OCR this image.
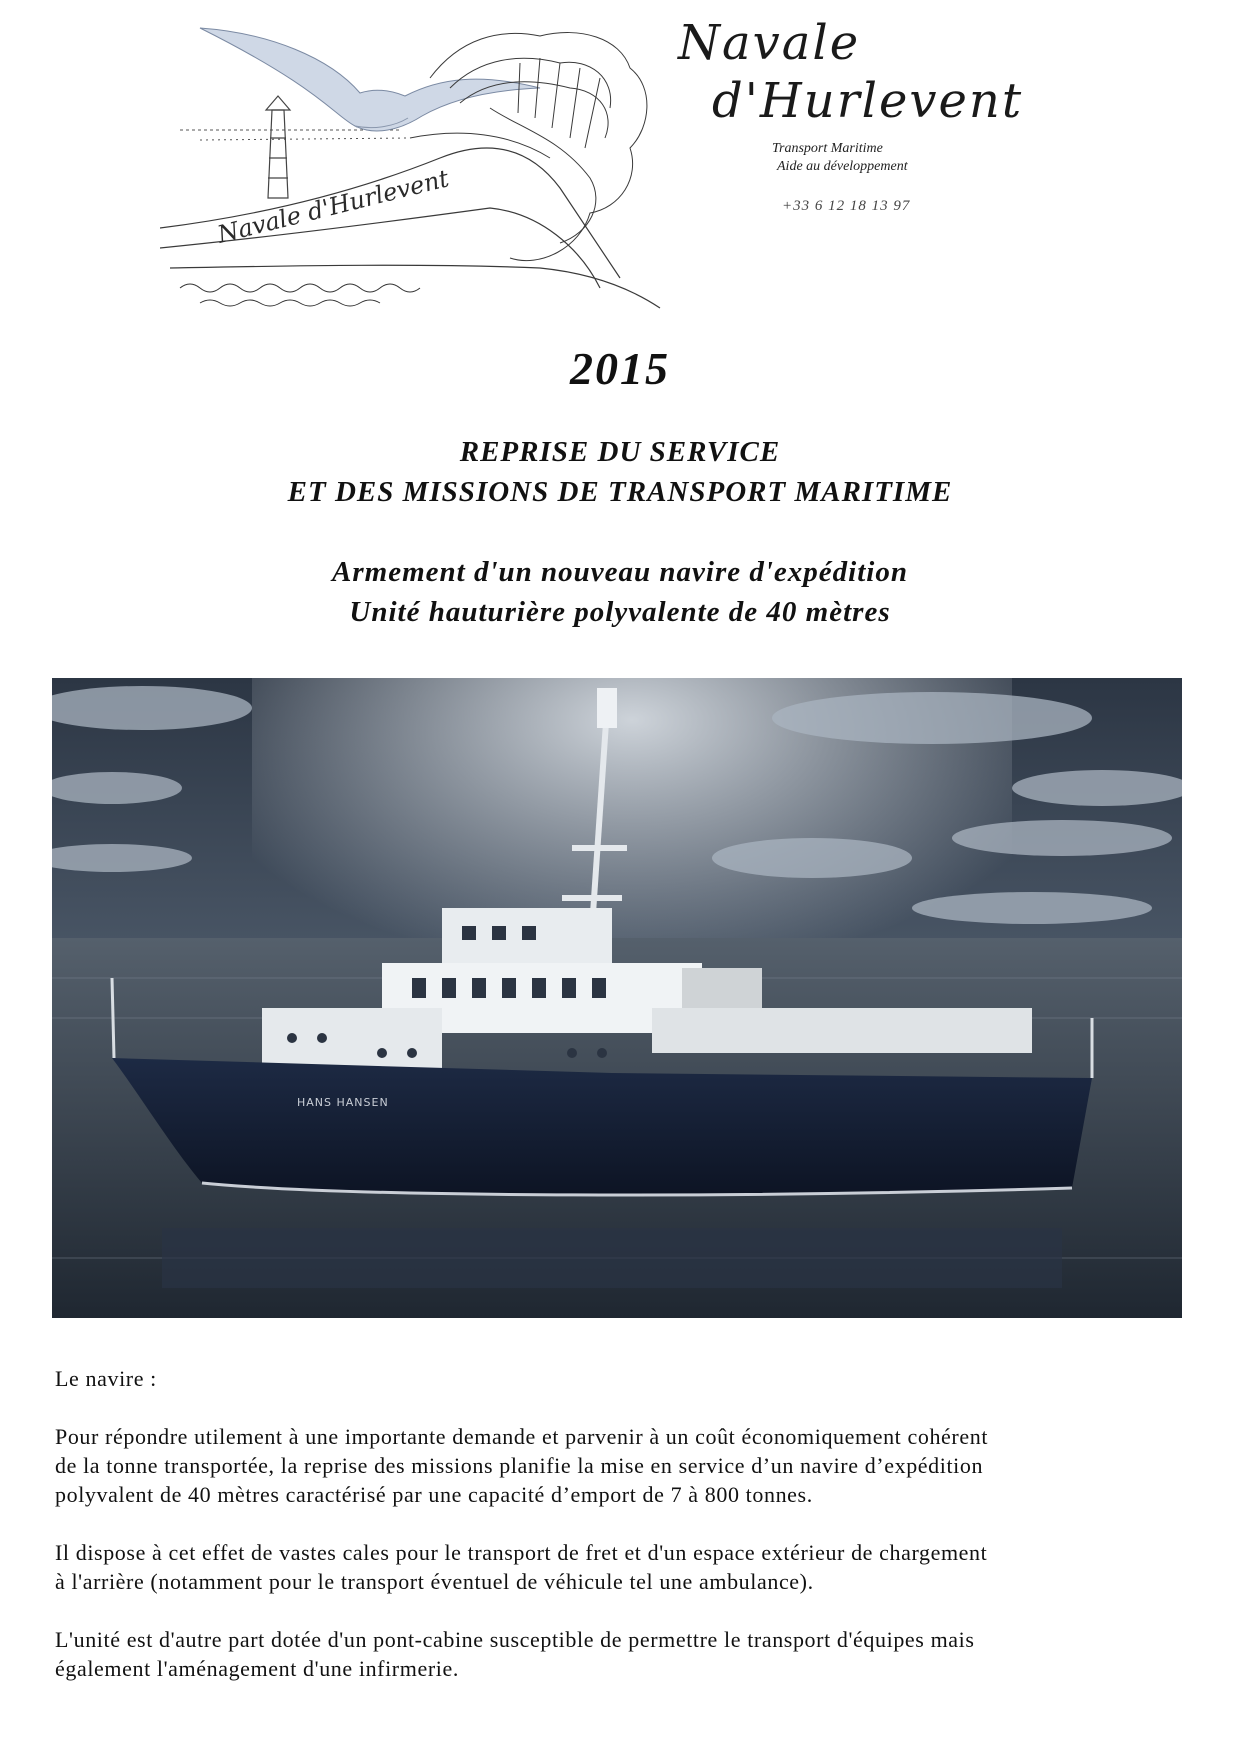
Navale d'Hurlevent
Navale
d'Hurlevent
Transport Maritime
Aide au développement
+33 6 12 18 13 97
2015
REPRISE DU SERVICE
ET DES MISSIONS DE TRANSPORT MARITIME
Armement d'un nouveau navire d'expédition
Unité hauturière polyvalente de 40 mètres
HANS HANSEN

Le navire :

Pour répondre utilement à une importante demande et parvenir à un coût économiquement cohérent
de la tonne transportée, la reprise des missions planifie la mise en service d’un navire d’expédition
polyvalent de 40 mètres caractérisé par une capacité d’emport de 7 à 800 tonnes.

Il dispose à cet effet de vastes cales pour le transport de fret et d'un espace extérieur de chargement
à l'arrière (notamment pour le transport éventuel de véhicule tel une ambulance).

L'unité est d'autre part dotée d'un pont-cabine susceptible de permettre le transport d'équipes mais
également l'aménagement d'une infirmerie.
